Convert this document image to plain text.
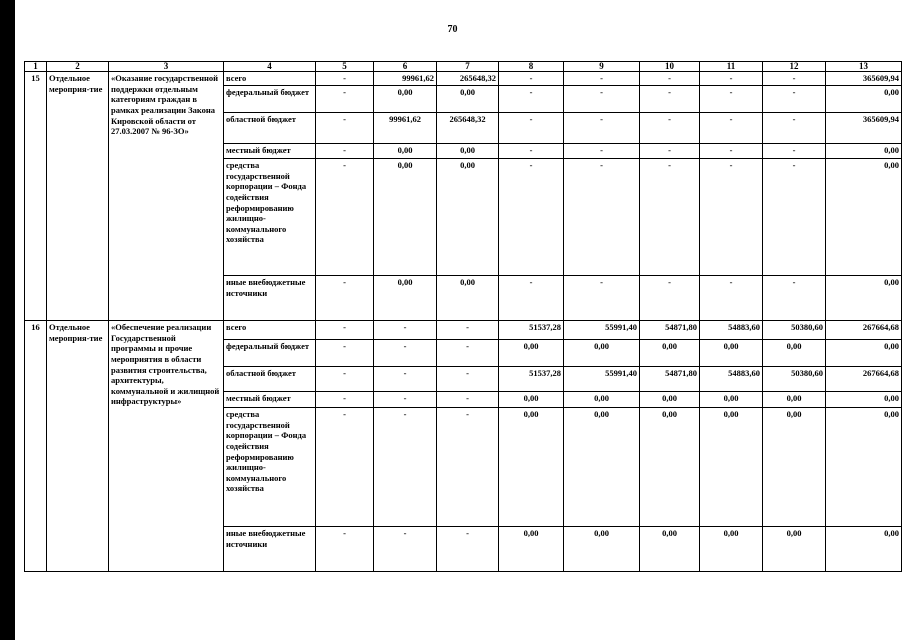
70
1	2	3	4	5	6	7	8	9	10	11	12	13
15	Отдельное мероприя-тие	«Оказание государственной поддержки отдельным категориям граждан в рамках реализации Закона Кировской области от 27.03.2007 № 96-ЗО»	всего	-	99961,62	265648,32	-	-	-	-	-	365609,94
			федеральный бюджет	-	0,00	0,00	-	-	-	-	-	0,00
			областной бюджет	-	99961,62	265648,32	-	-	-	-	-	365609,94
			местный бюджет	-	0,00	0,00	-	-	-	-	-	0,00
			средства государственной корпорации – Фонда содействия реформированию жилищно-коммунального хозяйства	-	0,00	0,00	-	-	-	-	-	0,00
			иные внебюджетные источники	-	0,00	0,00	-	-	-	-	-	0,00
16	Отдельное мероприя-тие	«Обеспечение реализации Государственной программы и прочие мероприятия в области развития строительства, архитектуры, коммунальной и жилищной инфраструктуры»	всего	-	-	-	51537,28	55991,40	54871,80	54883,60	50380,60	267664,68
			федеральный бюджет	-	-	-	0,00	0,00	0,00	0,00	0,00	0,00
			областной бюджет	-	-	-	51537,28	55991,40	54871,80	54883,60	50380,60	267664,68
			местный бюджет	-	-	-	0,00	0,00	0,00	0,00	0,00	0,00
			средства государственной корпорации – Фонда содействия реформированию жилищно-коммунального хозяйства	-	-	-	0,00	0,00	0,00	0,00	0,00	0,00
			иные внебюджетные источники	-	-	-	0,00	0,00	0,00	0,00	0,00	0,00
